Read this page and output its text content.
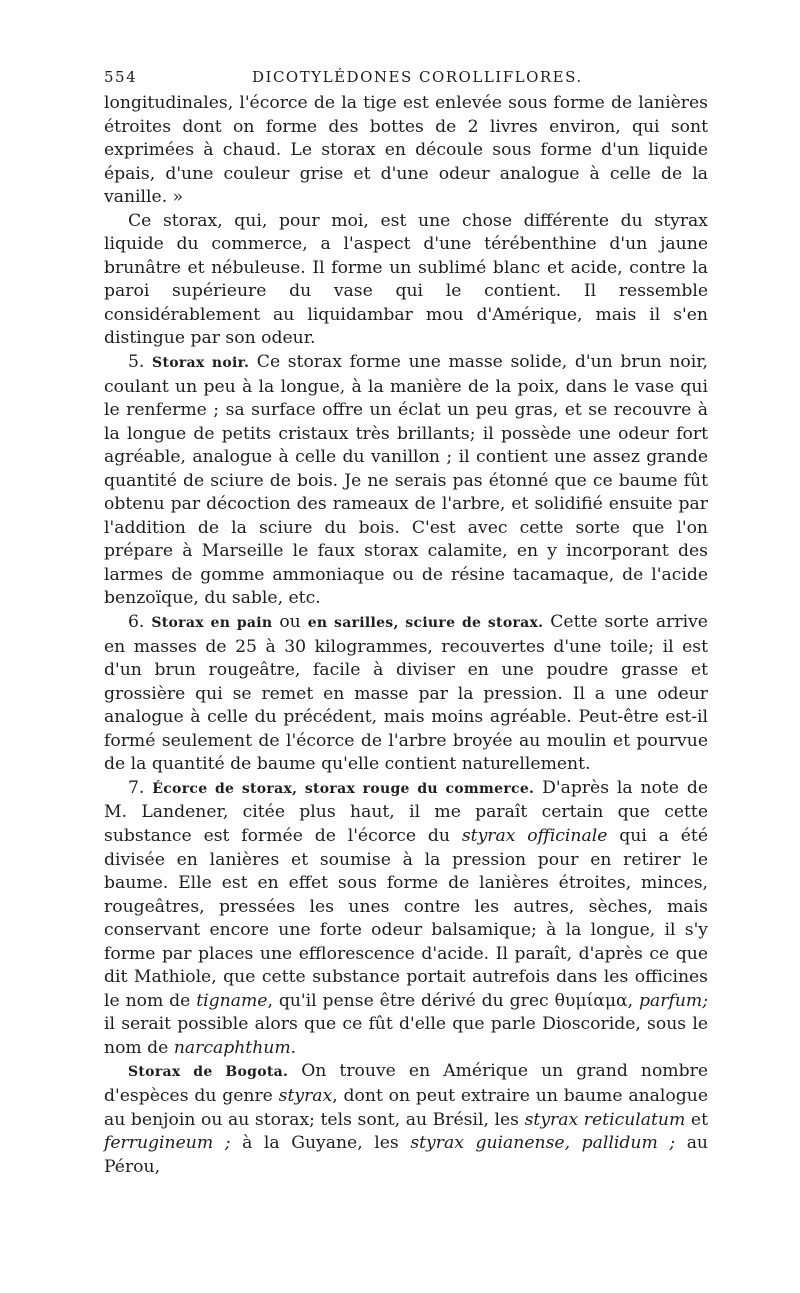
554	DICOTYLÉDONES COROLLIFLORES.

longitudinales, l'écorce de la tige est enlevée sous forme de lanières étroites dont on forme des bottes de 2 livres environ, qui sont exprimées à chaud. Le storax en découle sous forme d'un liquide épais, d'une couleur grise et d'une odeur analogue à celle de la vanille. »

Ce storax, qui, pour moi, est une chose différente du styrax liquide du commerce, a l'aspect d'une térébenthine d'un jaune brunâtre et nébuleuse. Il forme un sublimé blanc et acide, contre la paroi supérieure du vase qui le contient. Il ressemble considérablement au liquidambar mou d'Amérique, mais il s'en distingue par son odeur.

5. Storax noir. Ce storax forme une masse solide, d'un brun noir, coulant un peu à la longue, à la manière de la poix, dans le vase qui le renferme ; sa surface offre un éclat un peu gras, et se recouvre à la longue de petits cristaux très brillants; il possède une odeur fort agréable, analogue à celle du vanillon ; il contient une assez grande quantité de sciure de bois. Je ne serais pas étonné que ce baume fût obtenu par décoction des rameaux de l'arbre, et solidifié ensuite par l'addition de la sciure du bois. C'est avec cette sorte que l'on prépare à Marseille le faux storax calamite, en y incorporant des larmes de gomme ammoniaque ou de résine tacamaque, de l'acide benzoïque, du sable, etc.

6. Storax en pain ou en sarilles, sciure de storax. Cette sorte arrive en masses de 25 à 30 kilogrammes, recouvertes d'une toile; il est d'un brun rougeâtre, facile à diviser en une poudre grasse et grossière qui se remet en masse par la pression. Il a une odeur analogue à celle du précédent, mais moins agréable. Peut-être est-il formé seulement de l'écorce de l'arbre broyée au moulin et pourvue de la quantité de baume qu'elle contient naturellement.

7. Écorce de storax, storax rouge du commerce. D'après la note de M. Landener, citée plus haut, il me paraît certain que cette substance est formée de l'écorce du styrax officinale qui a été divisée en lanières et soumise à la pression pour en retirer le baume. Elle est en effet sous forme de lanières étroites, minces, rougeâtres, pressées les unes contre les autres, sèches, mais conservant encore une forte odeur balsamique; à la longue, il s'y forme par places une efflorescence d'acide. Il paraît, d'après ce que dit Mathiole, que cette substance portait autrefois dans les officines le nom de tigname, qu'il pense être dérivé du grec θυμίαμα, parfum; il serait possible alors que ce fût d'elle que parle Dioscoride, sous le nom de narcaphthum.

Storax de Bogota. On trouve en Amérique un grand nombre d'espèces du genre styrax, dont on peut extraire un baume analogue au benjoin ou au storax; tels sont, au Brésil, les styrax reticulatum et ferrugineum ; à la Guyane, les styrax guianense, pallidum ; au Pérou,
